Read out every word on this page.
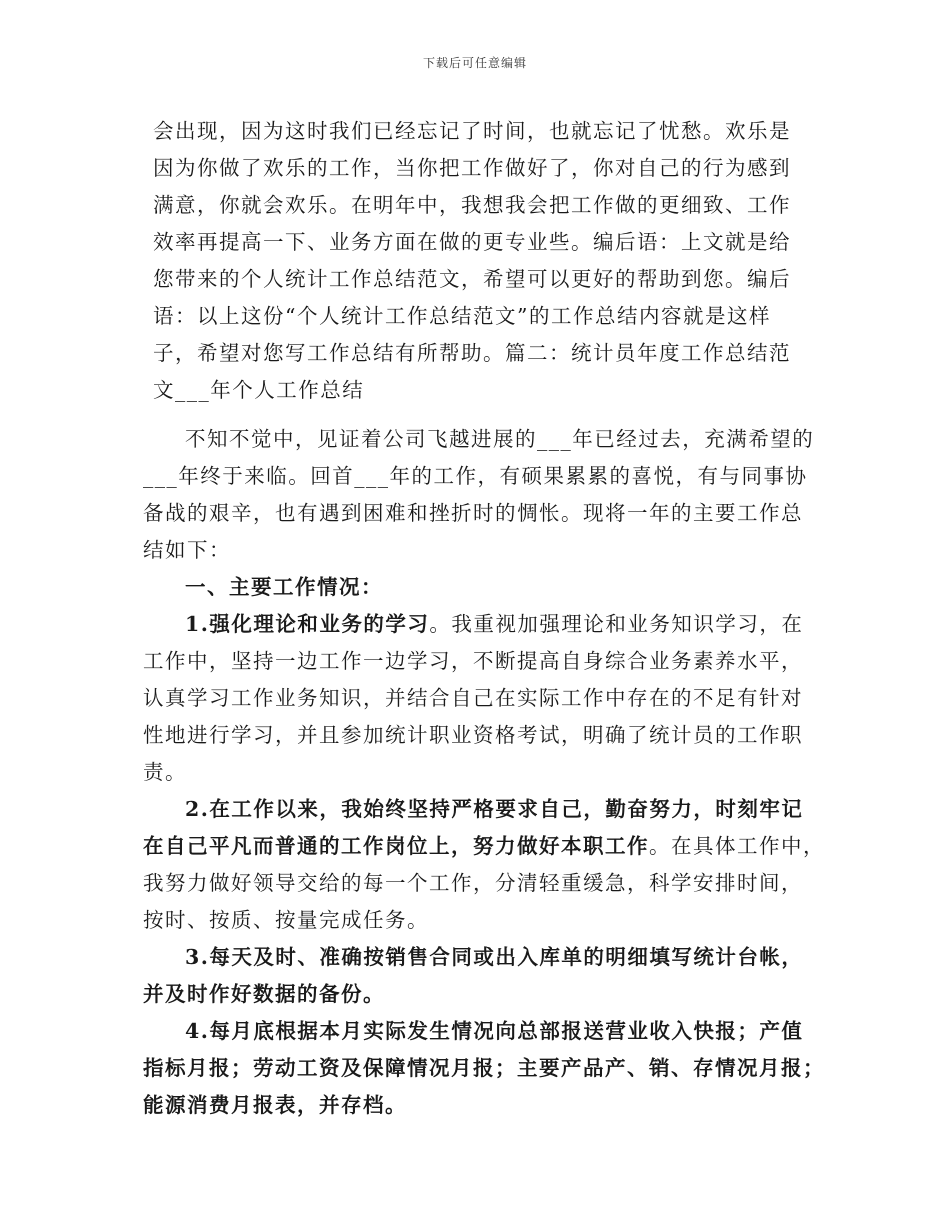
下载后可任意编辑
会出现，因为这时我们已经忘记了时间，也就忘记了忧愁。欢乐是
因为你做了欢乐的工作，当你把工作做好了，你对自己的行为感到
满意，你就会欢乐。在明年中，我想我会把工作做的更细致、工作
效率再提高一下、业务方面在做的更专业些。编后语：上文就是给
您带来的个人统计工作总结范文，希望可以更好的帮助到您。编后
语：以上这份“个人统计工作总结范文”的工作总结内容就是这样
子，希望对您写工作总结有所帮助。篇二：统计员年度工作总结范
文___年个人工作总结
不知不觉中，见证着公司飞越进展的___年已经过去，充满希望的
___年终于来临。回首___年的工作，有硕果累累的喜悦，有与同事协
备战的艰辛，也有遇到困难和挫折时的惆怅。现将一年的主要工作总
结如下：
一、主要工作情况：
1.强化理论和业务的学习。我重视加强理论和业务知识学习，在
工作中，坚持一边工作一边学习，不断提高自身综合业务素养水平，
认真学习工作业务知识，并结合自己在实际工作中存在的不足有针对
性地进行学习，并且参加统计职业资格考试，明确了统计员的工作职
责。
2.在工作以来，我始终坚持严格要求自己，勤奋努力，时刻牢记
在自己平凡而普通的工作岗位上，努力做好本职工作。在具体工作中，
我努力做好领导交给的每一个工作，分清轻重缓急，科学安排时间，
按时、按质、按量完成任务。
3.每天及时、准确按销售合同或出入库单的明细填写统计台帐，
并及时作好数据的备份。
4.每月底根据本月实际发生情况向总部报送营业收入快报；产值
指标月报；劳动工资及保障情况月报；主要产品产、销、存情况月报；
能源消费月报表，并存档。
